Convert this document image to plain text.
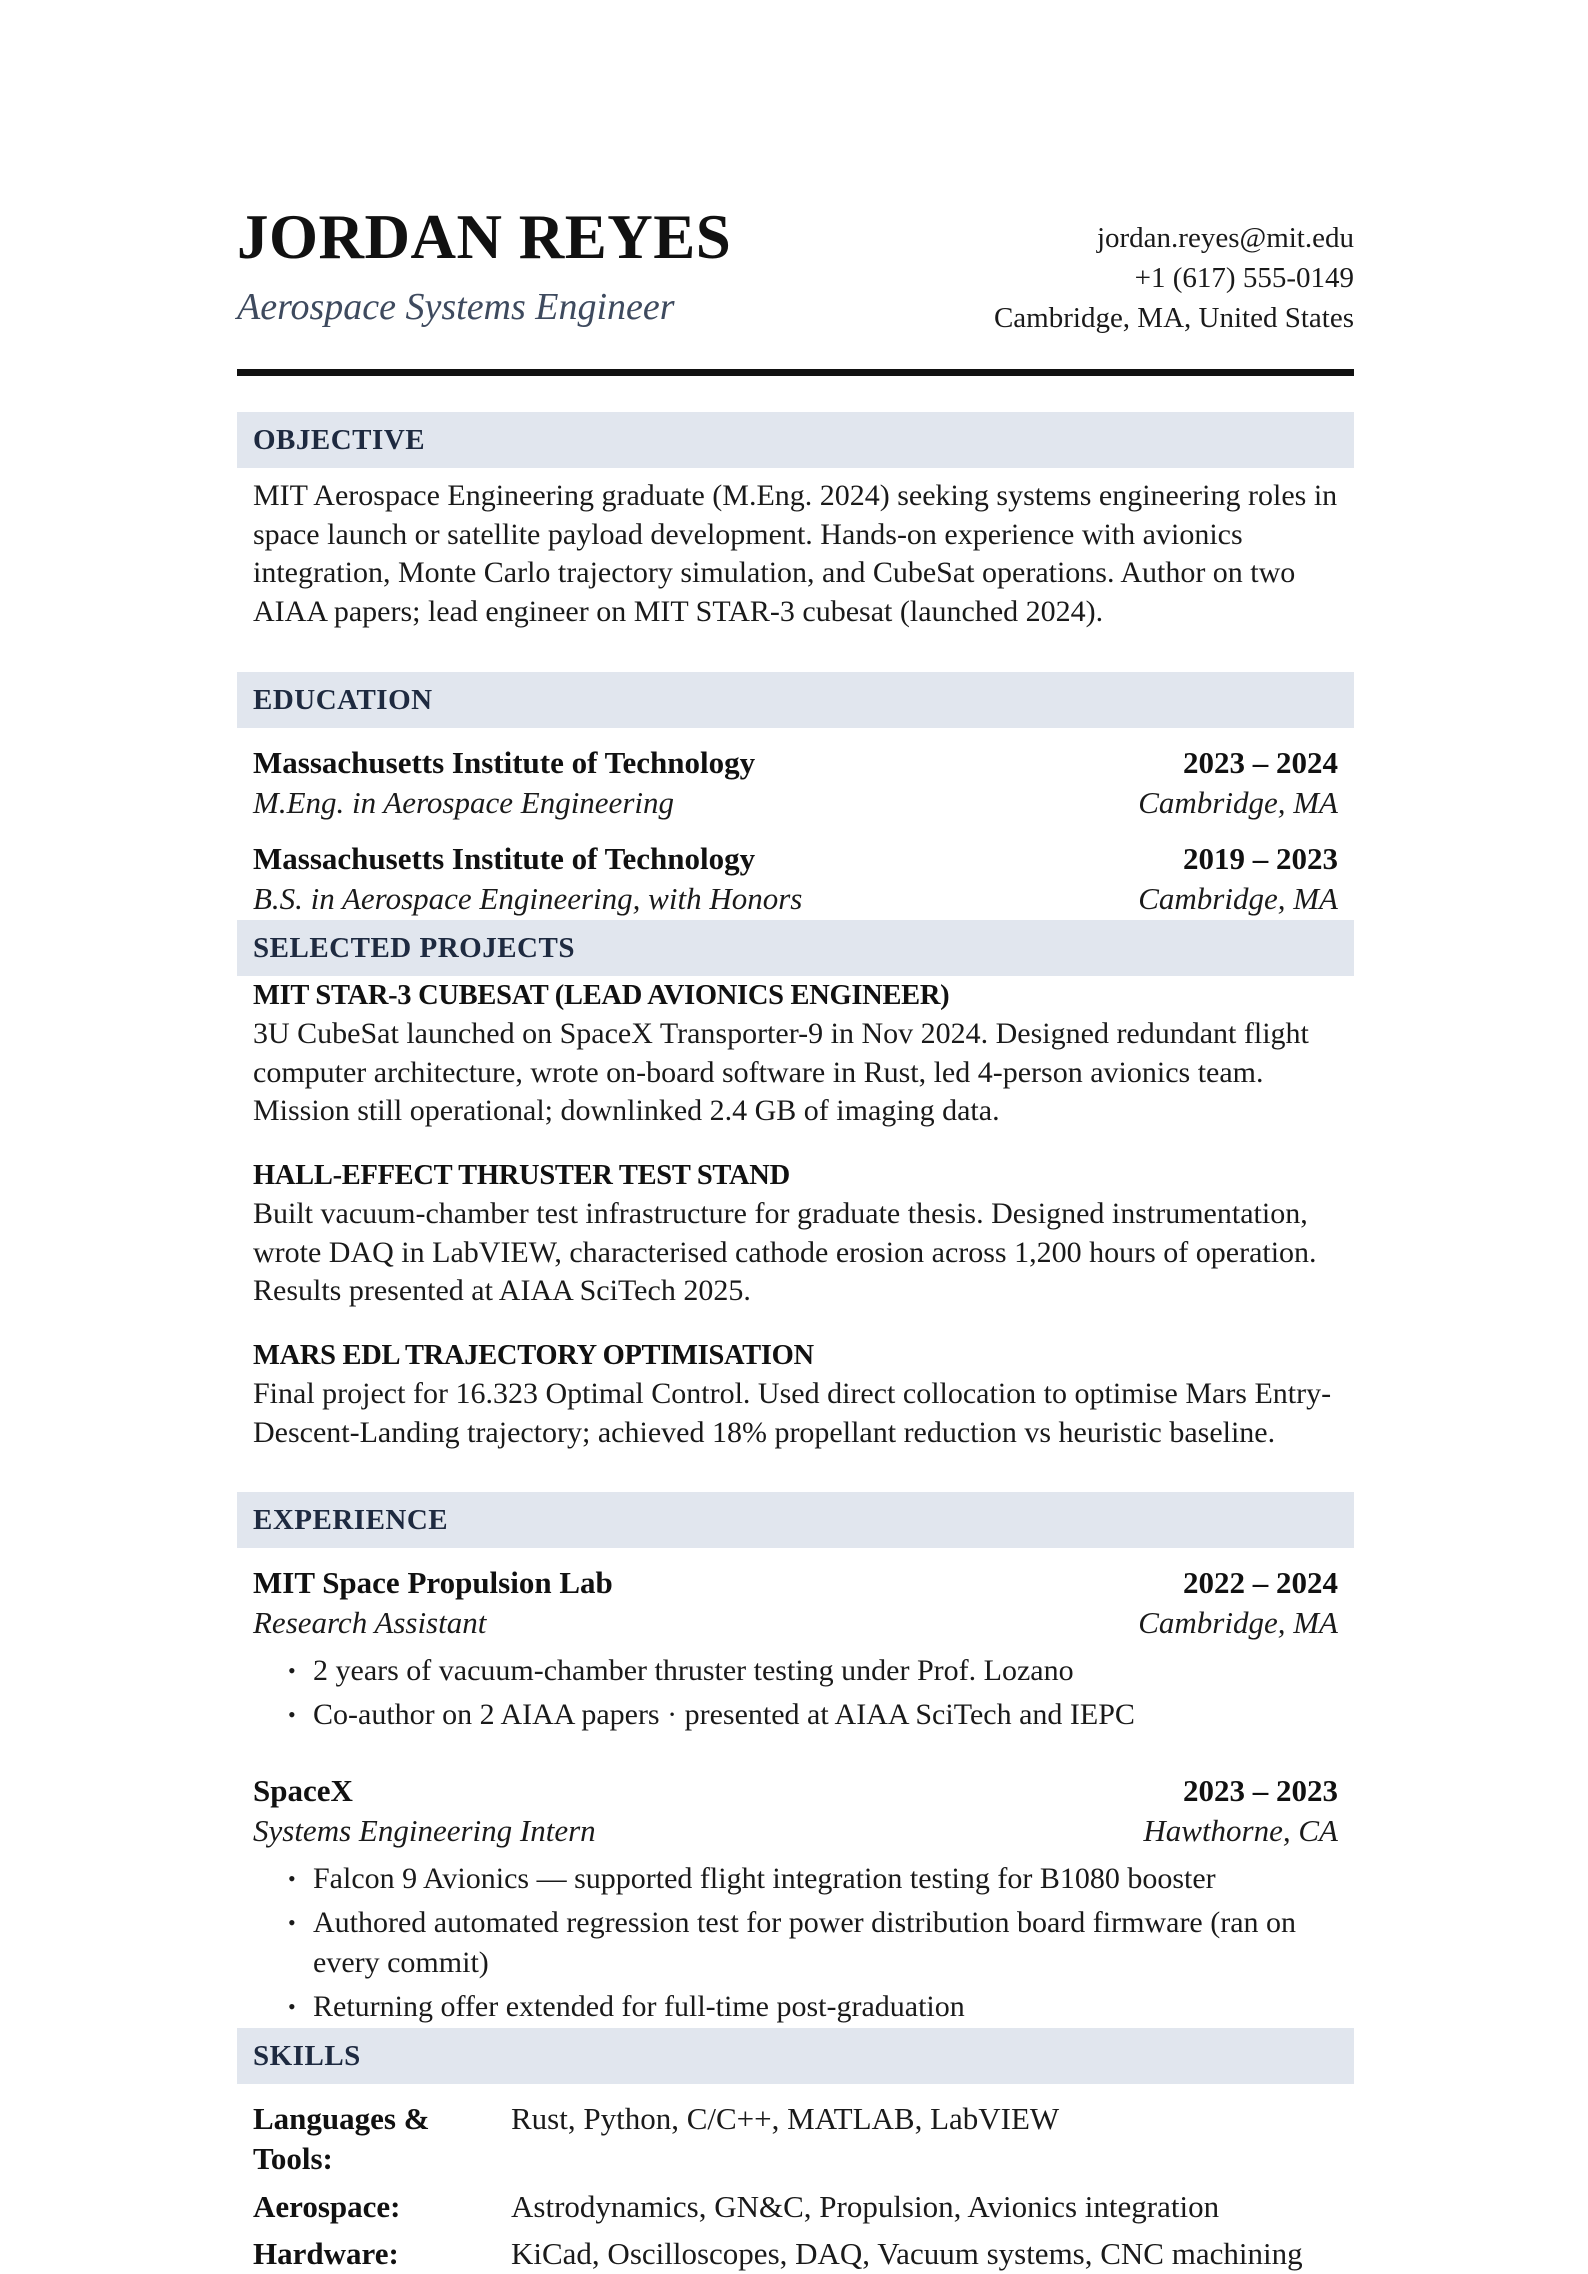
JORDAN REYES
Aerospace Systems Engineer
jordan.reyes@mit.edu
+1 (617) 555-0149
Cambridge, MA, United States
OBJECTIVE
MIT Aerospace Engineering graduate (M.Eng. 2024) seeking systems engineering roles in space launch or satellite payload development. Hands-on experience with avionics integration, Monte Carlo trajectory simulation, and CubeSat operations. Author on two AIAA papers; lead engineer on MIT STAR-3 cubesat (launched 2024).
EDUCATION
Massachusetts Institute of Technology	2023 – 2024
M.Eng. in Aerospace Engineering	Cambridge, MA
Massachusetts Institute of Technology	2019 – 2023
B.S. in Aerospace Engineering, with Honors	Cambridge, MA
SELECTED PROJECTS
MIT STAR-3 CUBESAT (LEAD AVIONICS ENGINEER)
3U CubeSat launched on SpaceX Transporter-9 in Nov 2024. Designed redundant flight computer architecture, wrote on-board software in Rust, led 4-person avionics team. Mission still operational; downlinked 2.4 GB of imaging data.
HALL-EFFECT THRUSTER TEST STAND
Built vacuum-chamber test infrastructure for graduate thesis. Designed instrumentation, wrote DAQ in LabVIEW, characterised cathode erosion across 1,200 hours of operation. Results presented at AIAA SciTech 2025.
MARS EDL TRAJECTORY OPTIMISATION
Final project for 16.323 Optimal Control. Used direct collocation to optimise Mars Entry-Descent-Landing trajectory; achieved 18% propellant reduction vs heuristic baseline.
EXPERIENCE
MIT Space Propulsion Lab	2022 – 2024
Research Assistant	Cambridge, MA
• 2 years of vacuum-chamber thruster testing under Prof. Lozano
• Co-author on 2 AIAA papers · presented at AIAA SciTech and IEPC
SpaceX	2023 – 2023
Systems Engineering Intern	Hawthorne, CA
• Falcon 9 Avionics — supported flight integration testing for B1080 booster
• Authored automated regression test for power distribution board firmware (ran on every commit)
• Returning offer extended for full-time post-graduation
SKILLS
Languages & Tools:
Rust, Python, C/C++, MATLAB, LabVIEW
Aerospace:	Astrodynamics, GN&C, Propulsion, Avionics integration
Hardware:	KiCad, Oscilloscopes, DAQ, Vacuum systems, CNC machining
